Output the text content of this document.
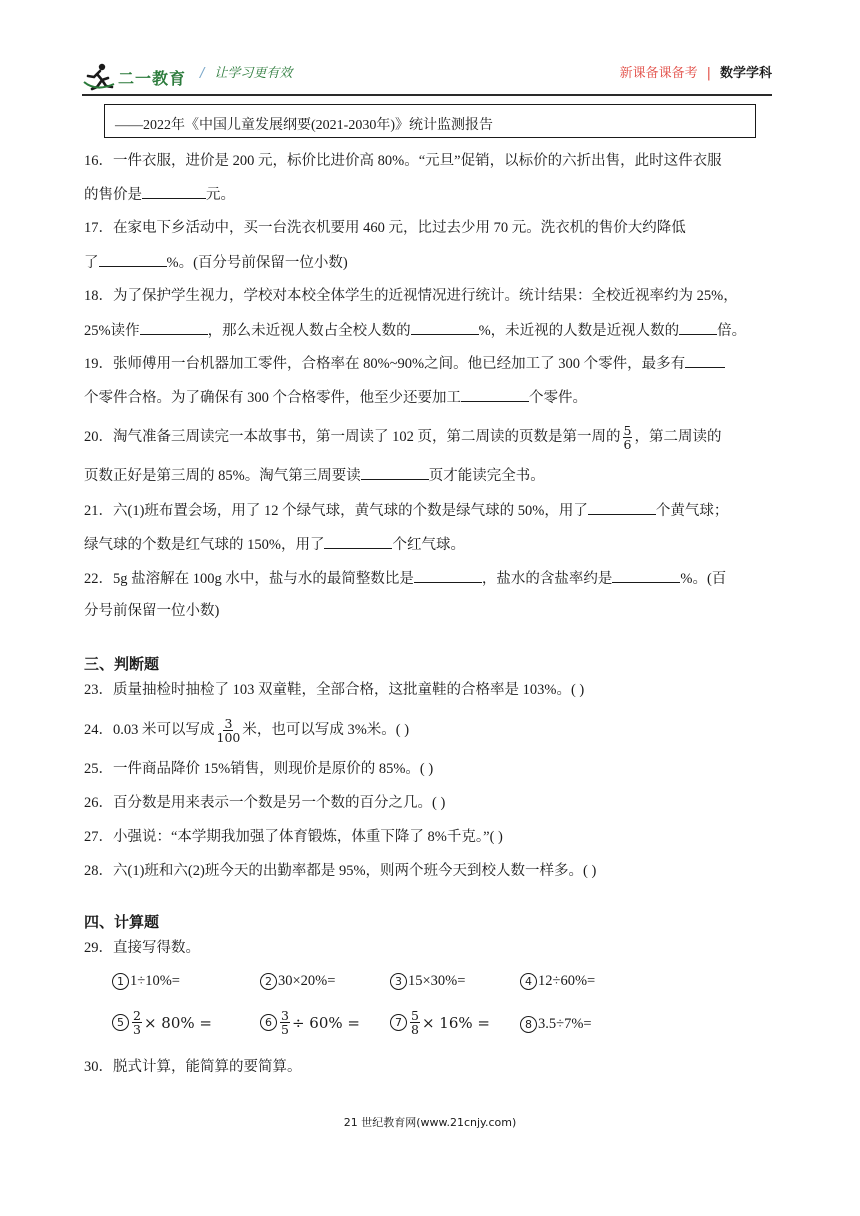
二一教育 / 让学习更有效	新课备课备考 | 数学学科
——2022年《中国儿童发展纲要(2021-2030年)》统计监测报告
16．一件衣服，进价是 200 元，标价比进价高 80%。“元旦”促销，以标价的六折出售，此时这件衣服
的售价是	元。
17．在家电下乡活动中，买一台洗衣机要用 460 元，比过去少用 70 元。洗衣机的售价大约降低
了	%。(百分号前保留一位小数)
18．为了保护学生视力，学校对本校全体学生的近视情况进行统计。统计结果：全校近视率约为 25%，
25%读作	，那么未近视人数占全校人数的	%，未近视的人数是近视人数的	倍。
19．张师傅用一台机器加工零件，合格率在 80%~90%之间。他已经加工了 300 个零件，最多有
个零件合格。为了确保有 300 个合格零件，他至少还要加工	个零件。
20．淘气准备三周读完一本故事书，第一周读了 102 页，第二周读的页数是第一周的 $\frac{5}{6}$ ，第二周读的
页数正好是第三周的 85%。淘气第三周要读	页才能读完全书。
21．六(1)班布置会场，用了 12 个绿气球，黄气球的个数是绿气球的 50%，用了	个黄气球；
绿气球的个数是红气球的 150%，用了	个红气球。
22．5g 盐溶解在 100g 水中，盐与水的最简整数比是	，盐水的含盐率约是	%。(百
分号前保留一位小数)
三、判断题
23．质量抽检时抽检了 103 双童鞋，全部合格，这批童鞋的合格率是 103%。( )
24．0.03 米可以写成 $\frac{3}{100}$ 米，也可以写成 3%米。( )
25．一件商品降价 15%销售，则现价是原价的 85%。( )
26．百分数是用来表示一个数是另一个数的百分之几。( )
27．小强说：“本学期我加强了体育锻炼，体重下降了 8%千克。”( )
28．六(1)班和六(2)班今天的出勤率都是 95%，则两个班今天到校人数一样多。( )
四、计算题
29．直接写得数。
1 1÷10%=	2 30×20%=	3 15×30%=	4 12÷60%=
$5 \frac{2}{3} \times 80\%$ =	$6 \frac{3}{5} \div 60\%$ =	$7 \frac{5}{8} \times 16\%$ =	8 3.5÷7%=
30．脱式计算，能简算的要简算。
21 世纪教育网(www.21cnjy.com)
